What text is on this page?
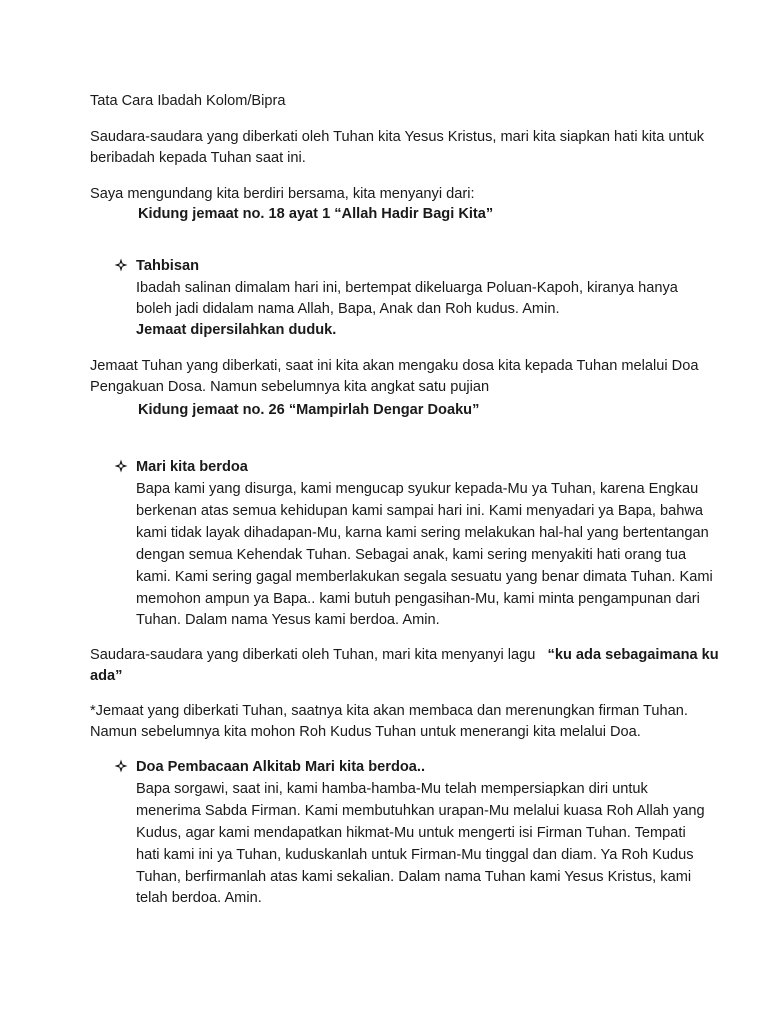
Tata Cara Ibadah Kolom/Bipra
Saudara-saudara yang diberkati oleh Tuhan kita Yesus Kristus, mari kita siapkan hati kita untuk
beribadah kepada Tuhan saat ini.
Saya mengundang kita berdiri bersama, kita menyanyi dari:
Kidung jemaat no. 18 ayat 1 “Allah Hadir Bagi Kita”
Tahbisan
Ibadah salinan dimalam hari ini, bertempat dikeluarga Poluan-Kapoh, kiranya hanya
boleh jadi didalam nama Allah, Bapa, Anak dan Roh kudus. Amin.
Jemaat dipersilahkan duduk.
Jemaat Tuhan yang diberkati, saat ini kita akan mengaku dosa kita kepada Tuhan melalui Doa
Pengakuan Dosa. Namun sebelumnya kita angkat satu pujian
Kidung jemaat no. 26 “Mampirlah Dengar Doaku”
Mari kita berdoa
Bapa kami yang disurga, kami mengucap syukur kepada-Mu ya Tuhan, karena Engkau
berkenan atas semua kehidupan kami sampai hari ini. Kami menyadari ya Bapa, bahwa
kami tidak layak dihadapan-Mu, karna kami sering melakukan hal-hal yang bertentangan
dengan semua Kehendak Tuhan. Sebagai anak, kami sering menyakiti hati orang tua
kami. Kami sering gagal memberlakukan segala sesuatu yang benar dimata Tuhan. Kami
memohon ampun ya Bapa.. kami butuh pengasihan-Mu, kami minta pengampunan dari
Tuhan. Dalam nama Yesus kami berdoa. Amin.
Saudara-saudara yang diberkati oleh Tuhan, mari kita menyanyi lagu “ku ada sebagaimana ku
ada”
*Jemaat yang diberkati Tuhan, saatnya kita akan membaca dan merenungkan firman Tuhan.
Namun sebelumnya kita mohon Roh Kudus Tuhan untuk menerangi kita melalui Doa.
Doa Pembacaan Alkitab Mari kita berdoa..
Bapa sorgawi, saat ini, kami hamba-hamba-Mu telah mempersiapkan diri untuk
menerima Sabda Firman. Kami membutuhkan urapan-Mu melalui kuasa Roh Allah yang
Kudus, agar kami mendapatkan hikmat-Mu untuk mengerti isi Firman Tuhan. Tempati
hati kami ini ya Tuhan, kuduskanlah untuk Firman-Mu tinggal dan diam. Ya Roh Kudus
Tuhan, berfirmanlah atas kami sekalian. Dalam nama Tuhan kami Yesus Kristus, kami
telah berdoa. Amin.
